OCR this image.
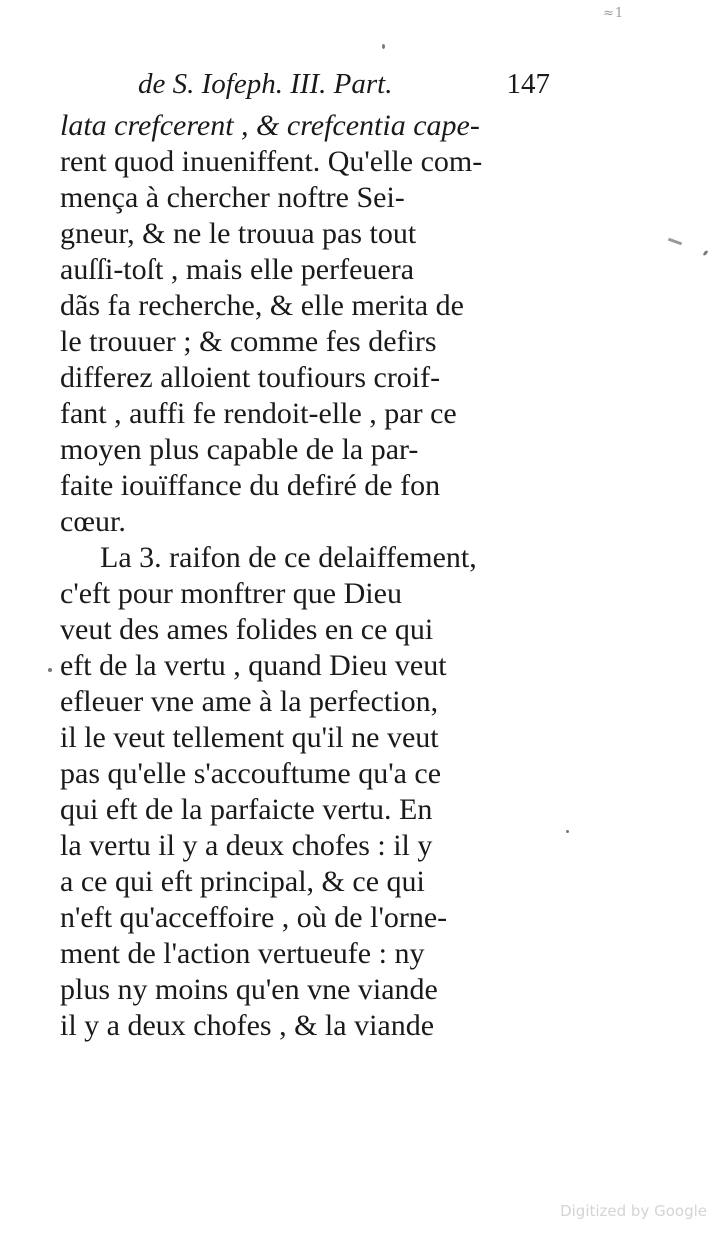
≈1
de S. Iofeph. III. Part.	147
lata crefcerent , & crefcentia cape-
rent quod inueniffent. Qu'elle com-
mença à chercher noftre Sei-
gneur, & ne le trouua pas tout
auſſi-toſt , mais elle perfeuera
dãs fa recherche, & elle merita de
le trouuer ; & comme fes defirs
differez alloient toufiours croif-
fant , auffi fe rendoit-elle , par ce
moyen plus capable de la par-
faite iouïffance du defiré de fon
cœur.
La 3. raifon de ce delaiffement,
c'eft pour monftrer que Dieu
veut des ames folides en ce qui
eft de la vertu , quand Dieu veut
efleuer vne ame à la perfection,
il le veut tellement qu'il ne veut
pas qu'elle s'accouftume qu'a ce
qui eft de la parfaicte vertu. En
la vertu il y a deux chofes : il y
a ce qui eft principal, & ce qui
n'eft qu'acceffoire , où de l'orne-
ment de l'action vertueufe : ny
plus ny moins qu'en vne viande
il y a deux chofes , & la viande
Digitized by Google
